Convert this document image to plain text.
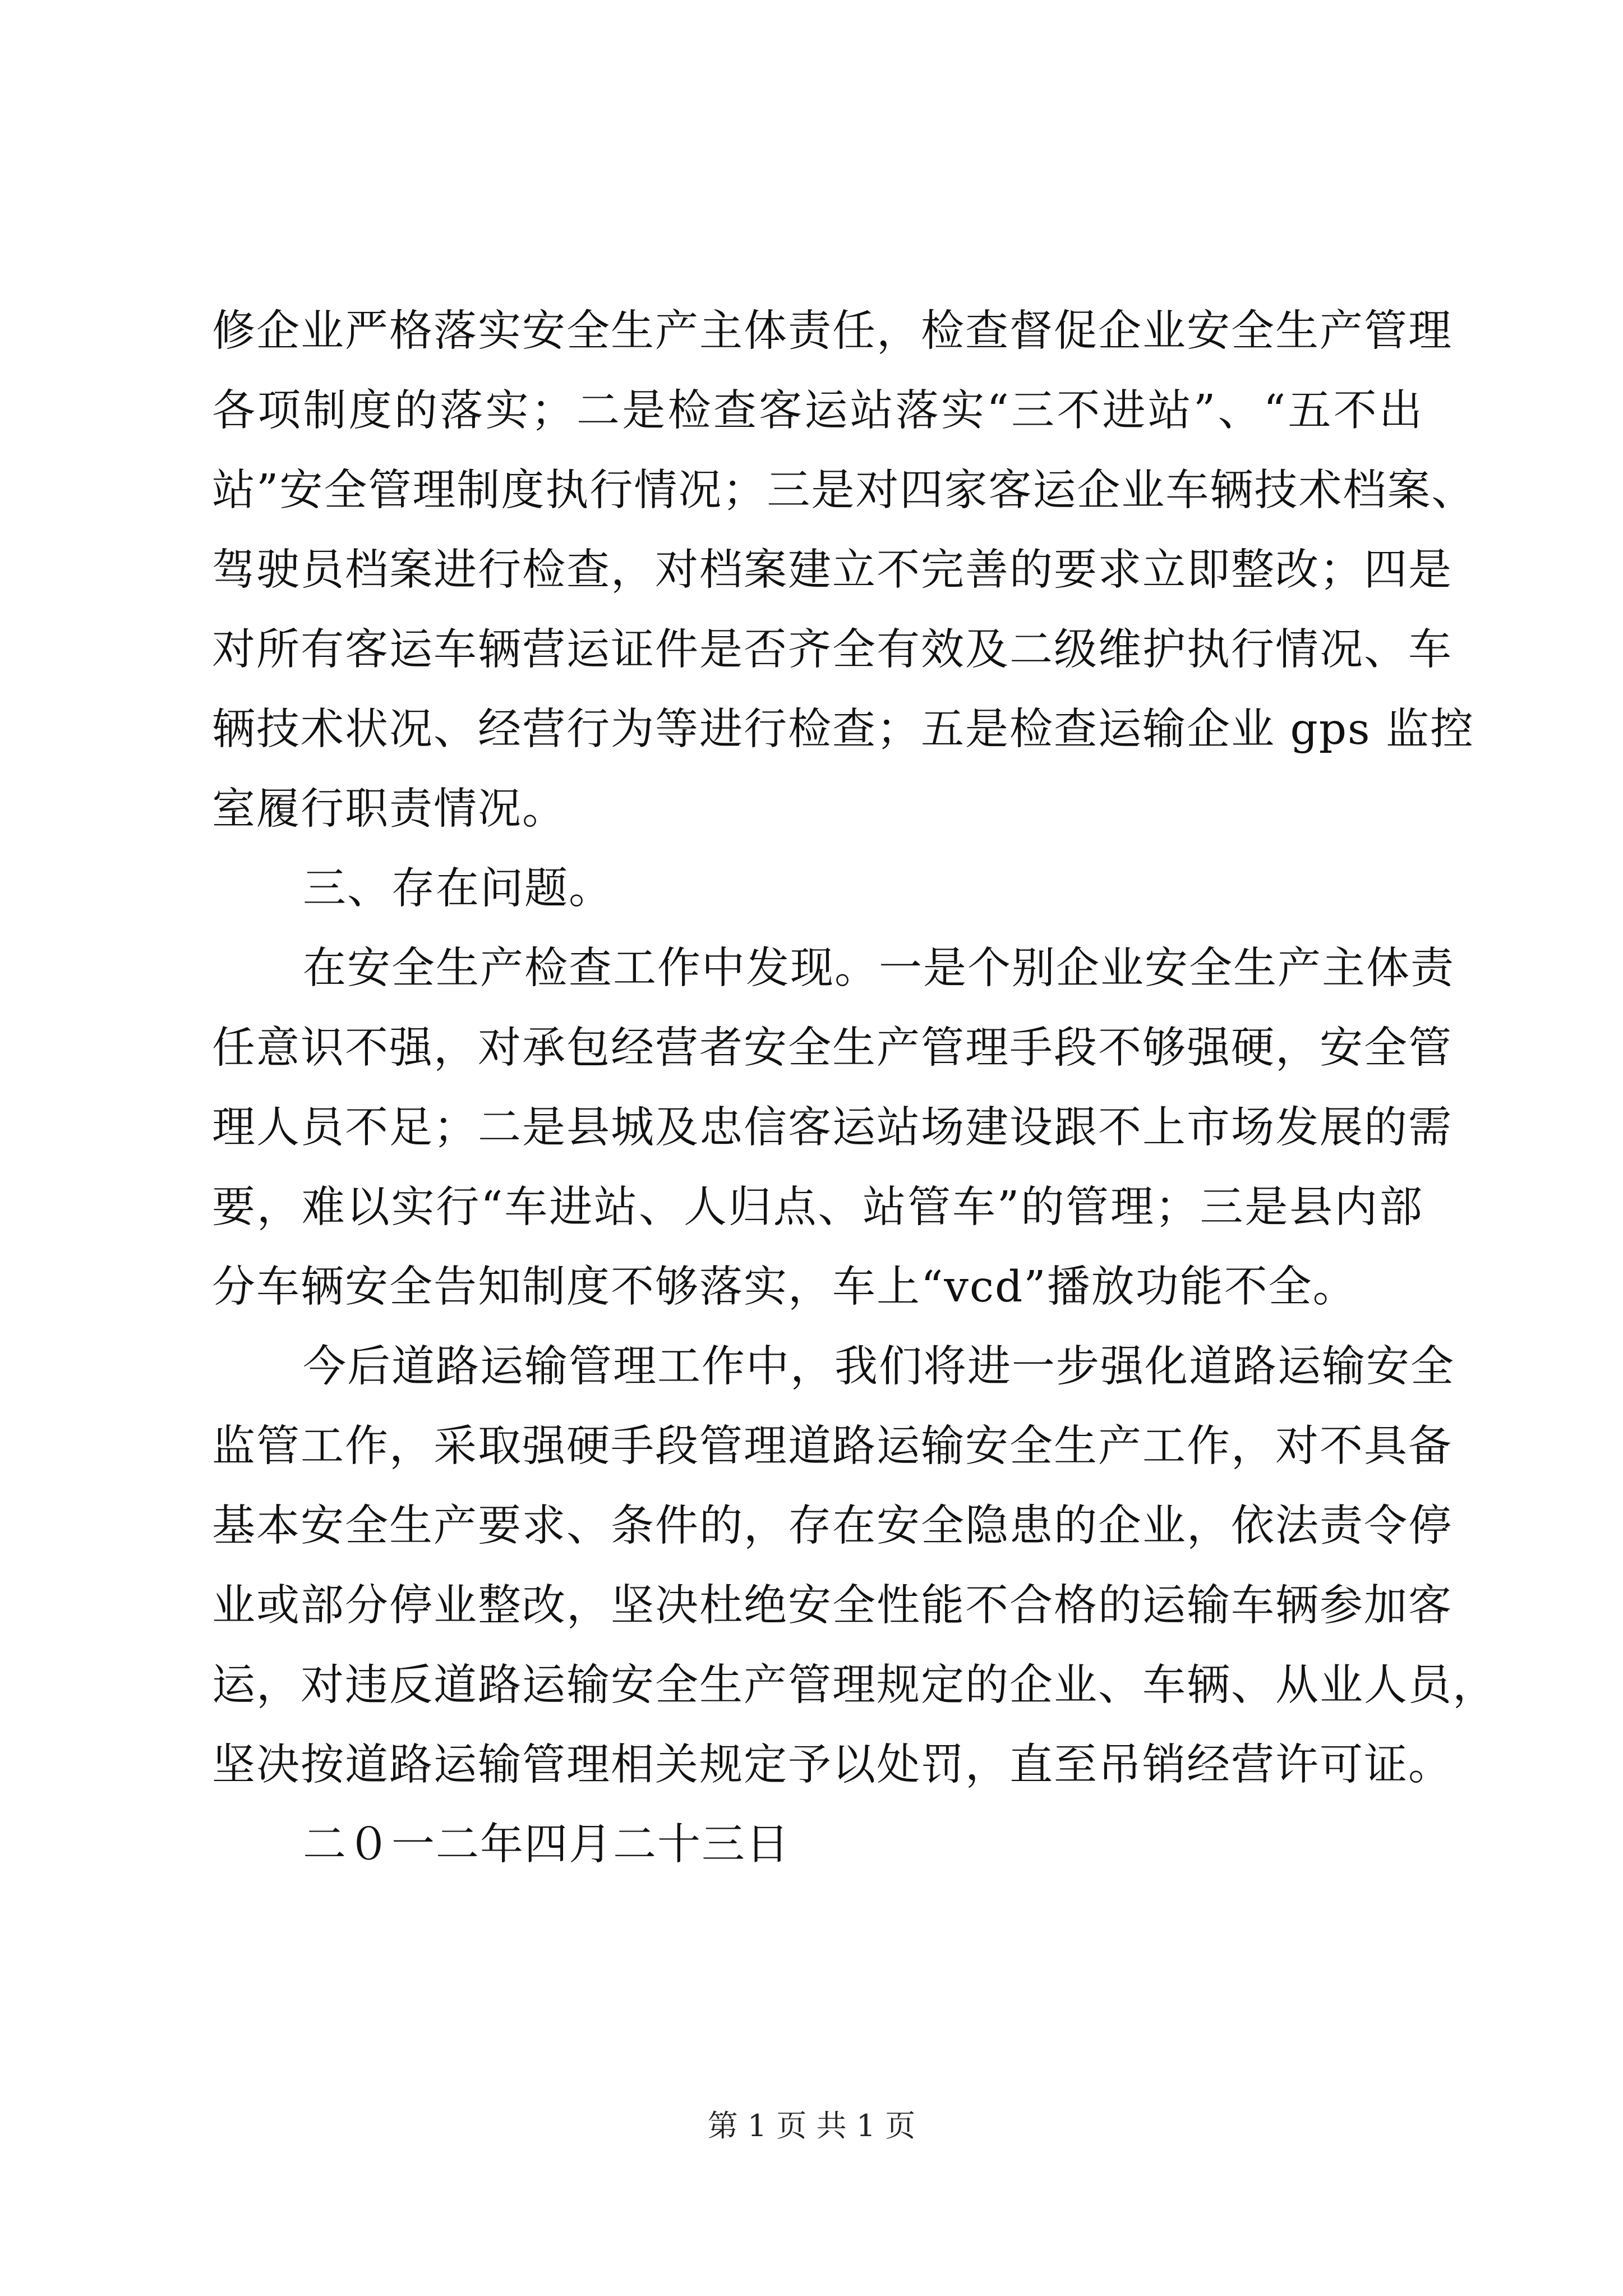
修企业严格落实安全生产主体责任，检查督促企业安全生产管理
各项制度的落实；二是检查客运站落实“三不进站”、“五不出
站”安全管理制度执行情况；三是对四家客运企业车辆技术档案、
驾驶员档案进行检查，对档案建立不完善的要求立即整改；四是
对所有客运车辆营运证件是否齐全有效及二级维护执行情况、车
辆技术状况、经营行为等进行检查；五是检查运输企业 gps 监控
室履行职责情况。
三、存在问题。
在安全生产检查工作中发现。一是个别企业安全生产主体责
任意识不强，对承包经营者安全生产管理手段不够强硬，安全管
理人员不足；二是县城及忠信客运站场建设跟不上市场发展的需
要，难以实行“车进站、人归点、站管车”的管理；三是县内部
分车辆安全告知制度不够落实，车上“vcd”播放功能不全。
今后道路运输管理工作中，我们将进一步强化道路运输安全
监管工作，采取强硬手段管理道路运输安全生产工作，对不具备
基本安全生产要求、条件的，存在安全隐患的企业，依法责令停
业或部分停业整改，坚决杜绝安全性能不合格的运输车辆参加客
运，对违反道路运输安全生产管理规定的企业、车辆、从业人员，
坚决按道路运输管理相关规定予以处罚，直至吊销经营许可证。
二０一二年四月二十三日
第 1 页 共 1 页
